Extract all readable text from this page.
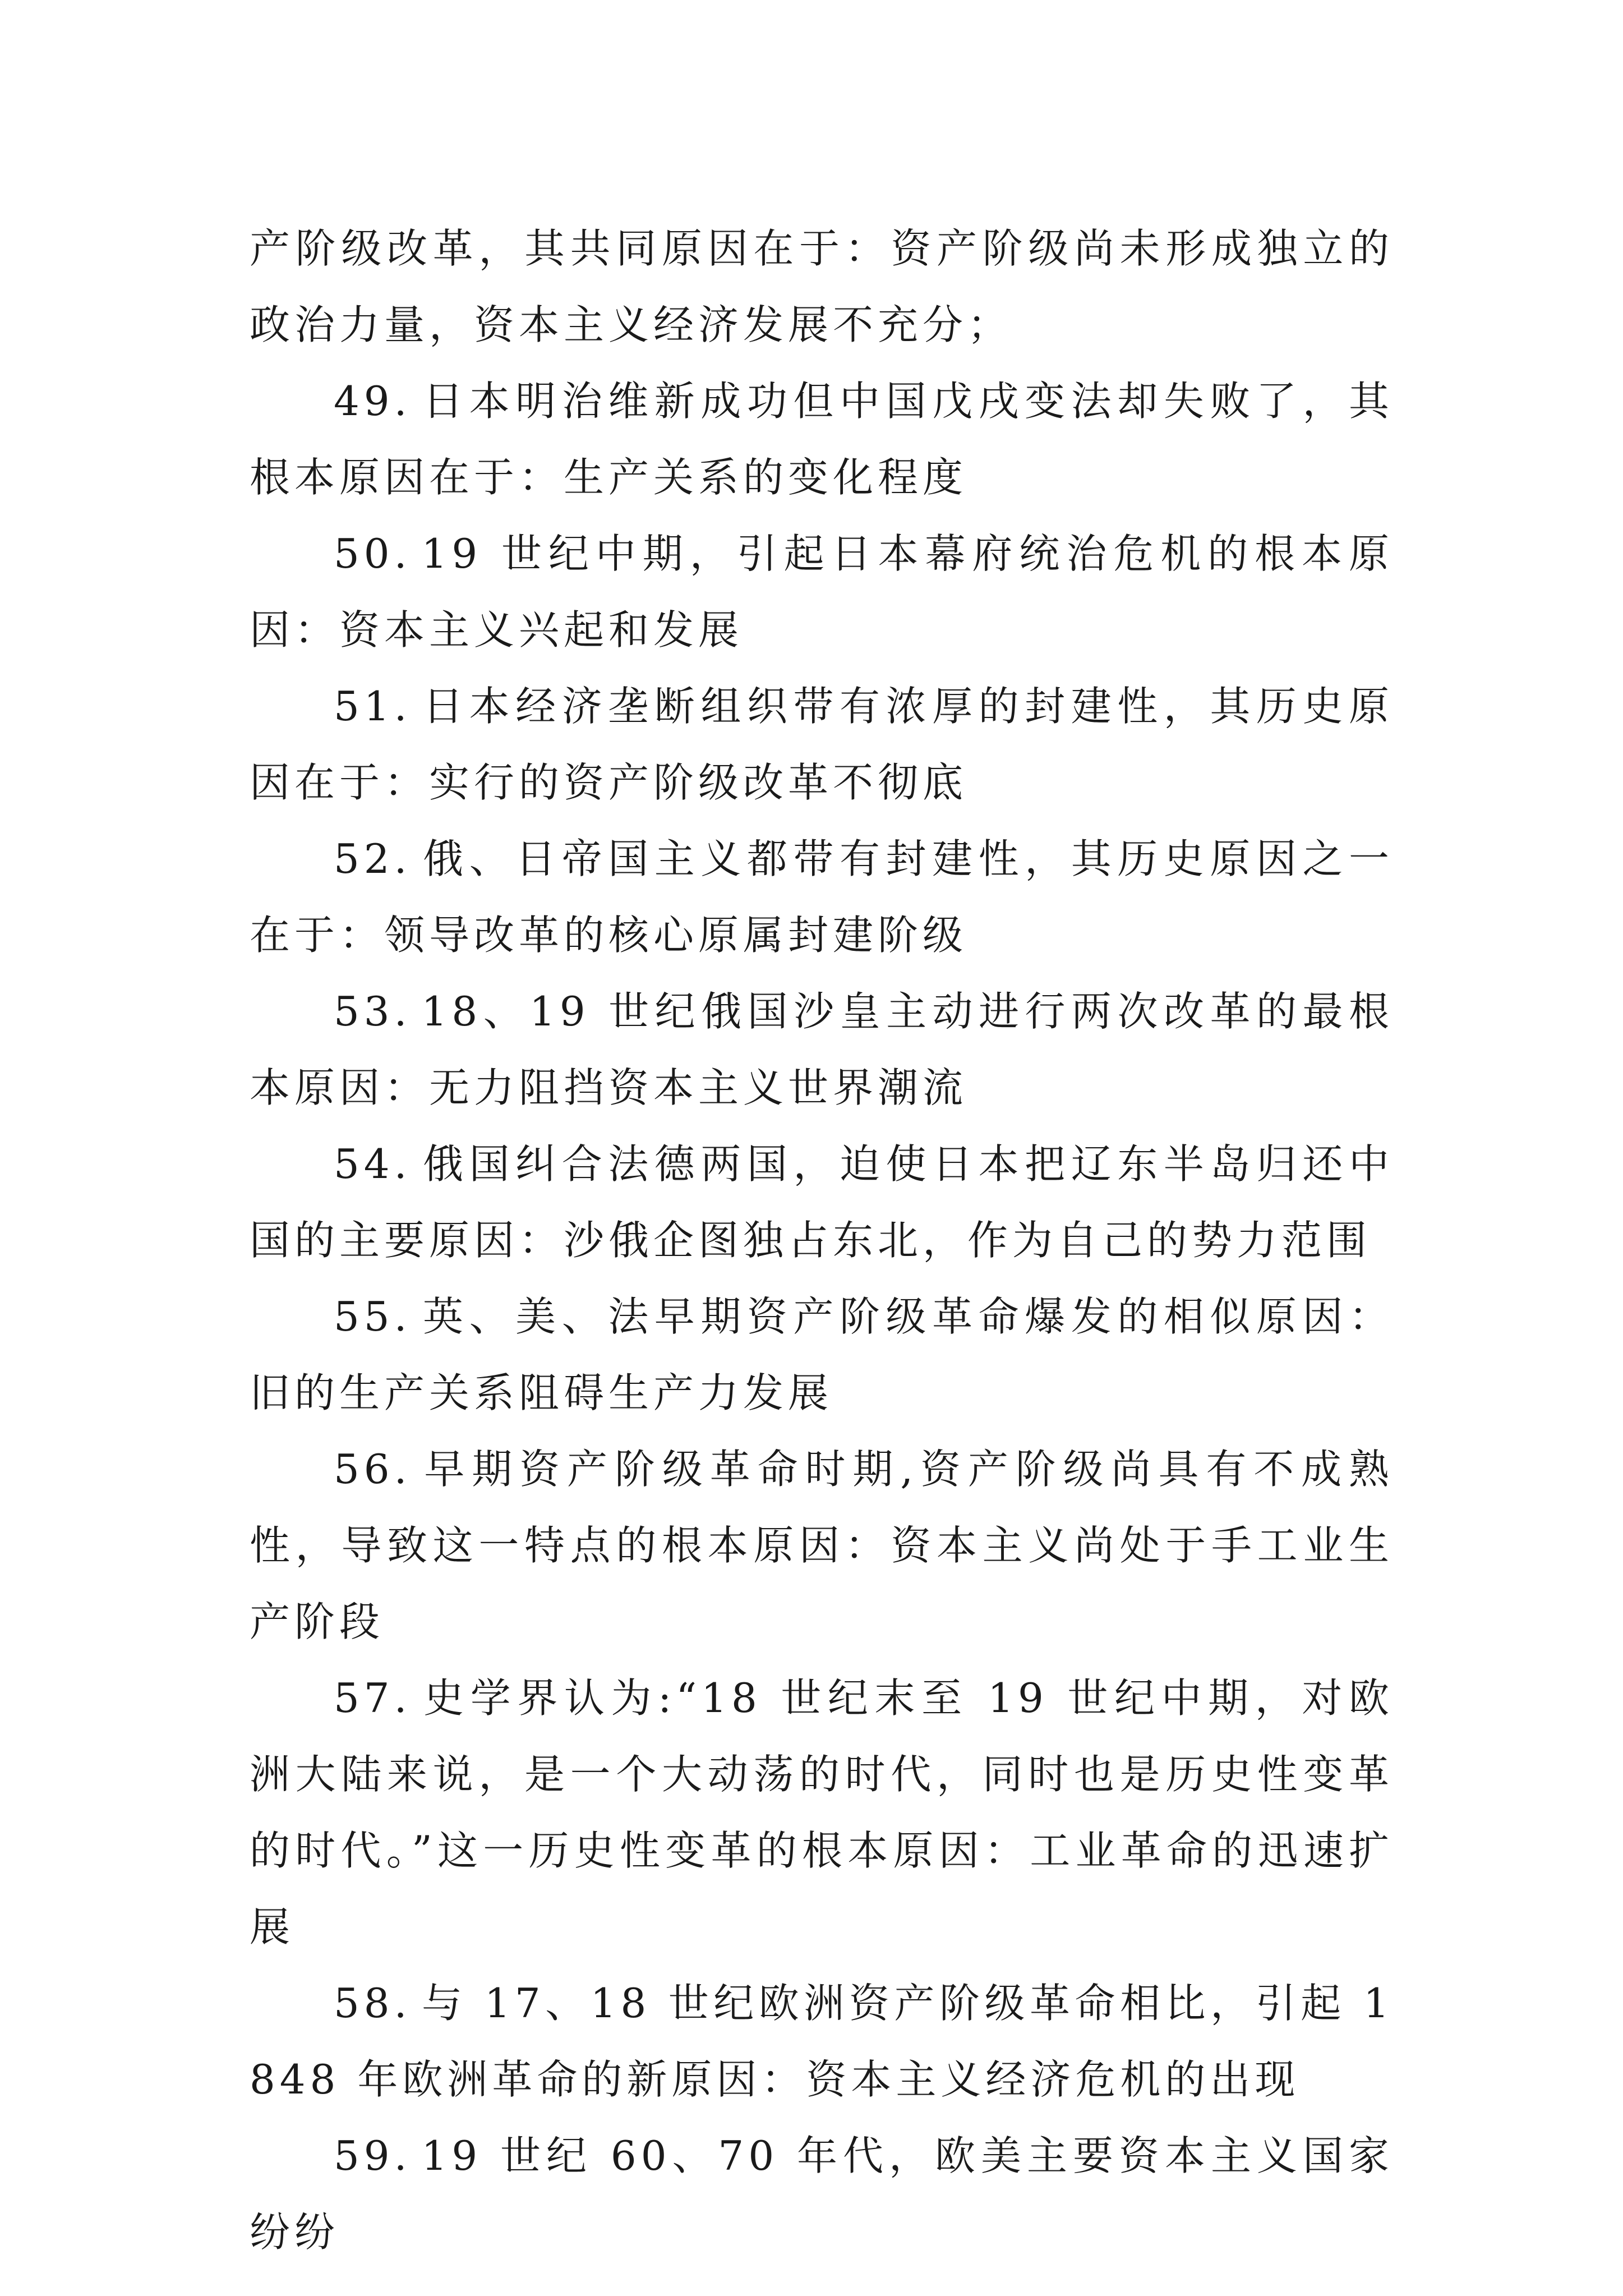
产阶级改革，其共同原因在于：资产阶级尚未形成独立的政治力量，资本主义经济发展不充分；

49. 日本明治维新成功但中国戊戌变法却失败了，其根本原因在于：生产关系的变化程度

50. 19 世纪中期，引起日本幕府统治危机的根本原因：资本主义兴起和发展

51. 日本经济垄断组织带有浓厚的封建性，其历史原因在于：实行的资产阶级改革不彻底

52. 俄、日帝国主义都带有封建性，其历史原因之一在于：领导改革的核心原属封建阶级

53. 18、19 世纪俄国沙皇主动进行两次改革的最根本原因：无力阻挡资本主义世界潮流

54. 俄国纠合法德两国，迫使日本把辽东半岛归还中国的主要原因：沙俄企图独占东北，作为自己的势力范围

55. 英、美、法早期资产阶级革命爆发的相似原因：旧的生产关系阻碍生产力发展

56. 早期资产阶级革命时期,资产阶级尚具有不成熟性，导致这一特点的根本原因：资本主义尚处于手工业生产阶段

57. 史学界认为:“18 世纪末至 19 世纪中期，对欧洲大陆来说，是一个大动荡的时代，同时也是历史性变革的时代。”这一历史性变革的根本原因：工业革命的迅速扩展

58. 与 17、18 世纪欧洲资产阶级革命相比，引起 1848 年欧洲革命的新原因：资本主义经济危机的出现

59. 19 世纪 60、70 年代，欧美主要资本主义国家纷纷
